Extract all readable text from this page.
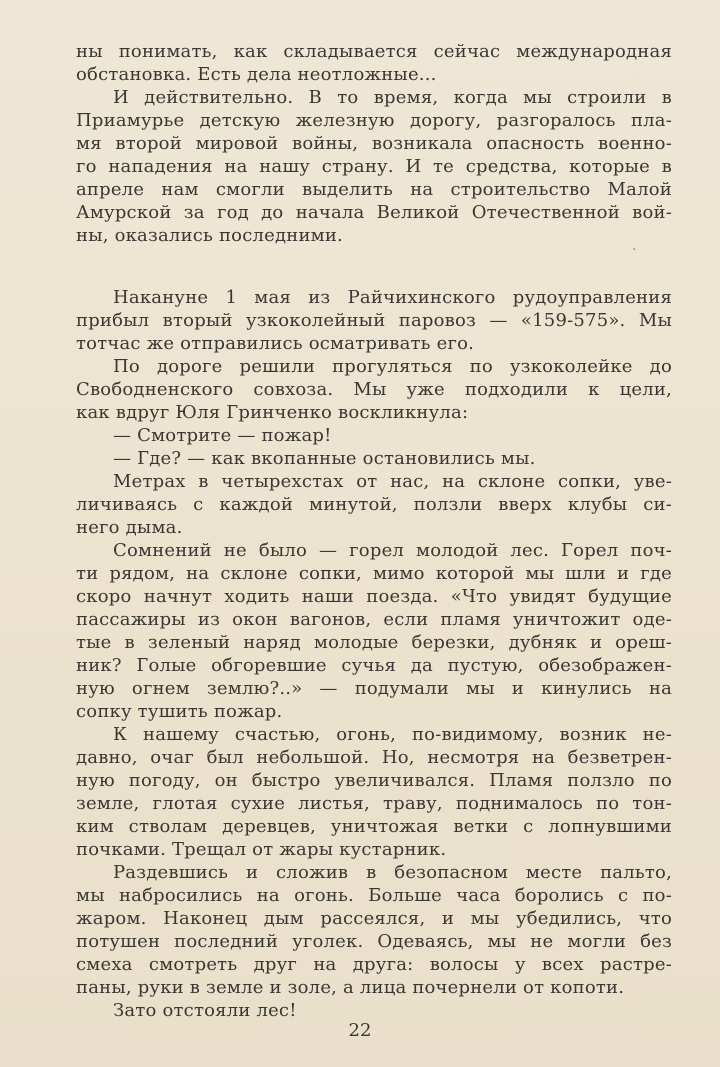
ны понимать, как складывается сейчас международная
обстановка. Есть дела неотложные...
И действительно. В то время, когда мы строили в
Приамурье детскую железную дорогу, разгоралось пла-
мя второй мировой войны, возникала опасность военно-
го нападения на нашу страну. И те средства, которые в
апреле нам смогли выделить на строительство Малой
Амурской за год до начала Великой Отечественной вой-
ны, оказались последними.
Накануне 1 мая из Райчихинского рудоуправления
прибыл вторый узкоколейный паровоз — «159-575». Мы
тотчас же отправились осматривать его.
По дороге решили прогуляться по узкоколейке до
Свободненского совхоза. Мы уже подходили к цели,
как вдруг Юля Гринченко воскликнула:
— Смотрите — пожар!
— Где? — как вкопанные остановились мы.
Метрах в четырехстах от нас, на склоне сопки, уве-
личиваясь с каждой минутой, ползли вверх клубы си-
него дыма.
Сомнений не было — горел молодой лес. Горел поч-
ти рядом, на склоне сопки, мимо которой мы шли и где
скоро начнут ходить наши поезда. «Что увидят будущие
пассажиры из окон вагонов, если пламя уничтожит оде-
тые в зеленый наряд молодые березки, дубняк и ореш-
ник? Голые обгоревшие сучья да пустую, обезображен-
ную огнем землю?..» — подумали мы и кинулись на
сопку тушить пожар.
К нашему счастью, огонь, по-видимому, возник не-
давно, очаг был небольшой. Но, несмотря на безветрен-
ную погоду, он быстро увеличивался. Пламя ползло по
земле, глотая сухие листья, траву, поднималось по тон-
ким стволам деревцев, уничтожая ветки с лопнувшими
почками. Трещал от жары кустарник.
Раздевшись и сложив в безопасном месте пальто,
мы набросились на огонь. Больше часа боролись с по-
жаром. Наконец дым рассеялся, и мы убедились, что
потушен последний уголек. Одеваясь, мы не могли без
смеха смотреть друг на друга: волосы у всех растре-
паны, руки в земле и золе, а лица почернели от копоти.
Зато отстояли лес!
22
·
